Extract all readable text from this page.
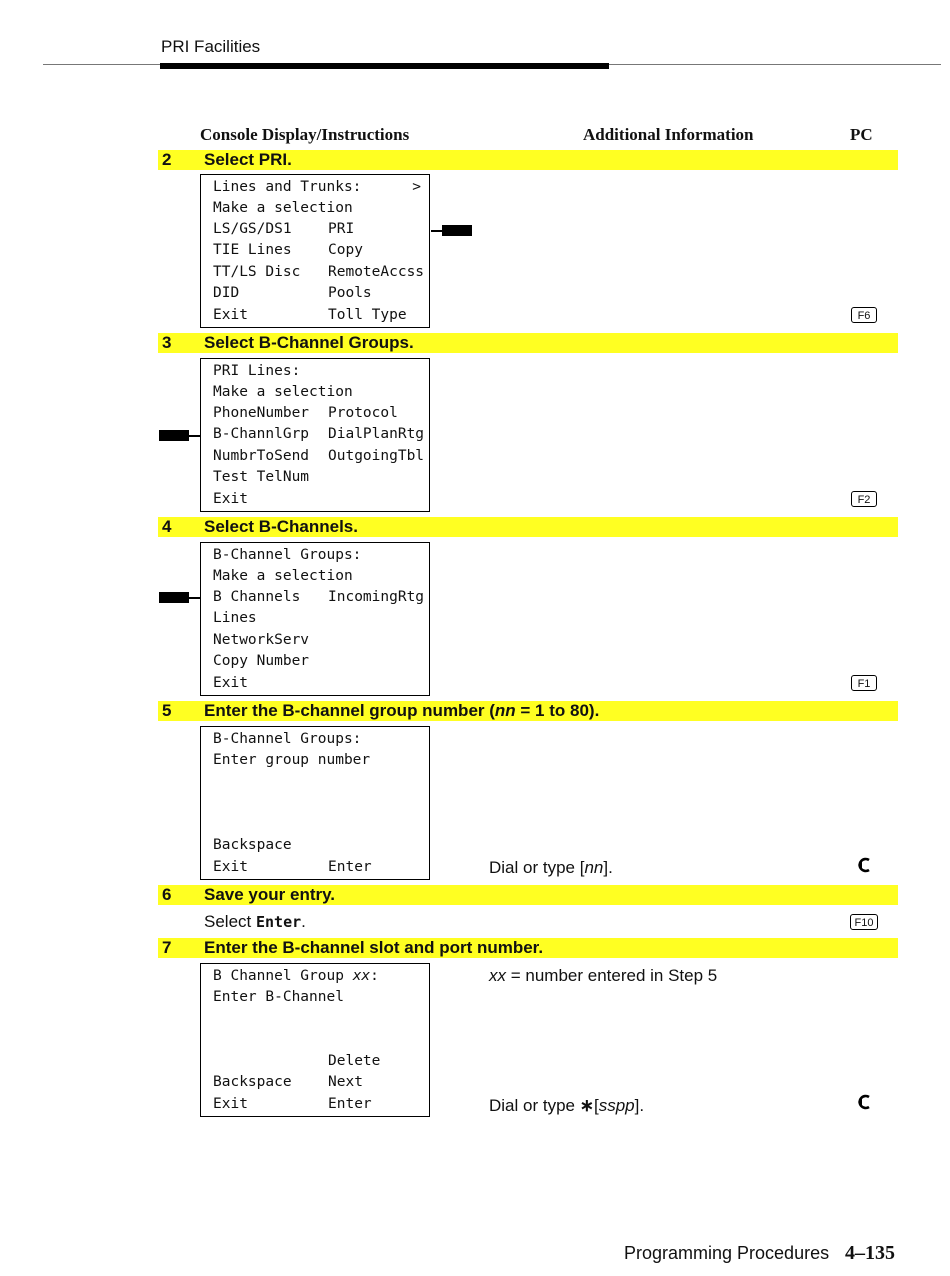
PRI Facilities
Console Display/Instructions	Additional Information	PC
2 Select PRI.
Lines and Trunks:	>
Make a selection
LS/GS/DS1	PRI
TIE Lines	Copy
TT/LS Disc RemoteAccss
DID	Pools
Exit	Toll Type	F6
3 Select B-Channel Groups.
PRI Lines:
Make a selection
PhoneNumber Protocol
B-ChannlGrp DialPlanRtg
NumbrToSend OutgoingTbl
Test TelNum
Exit	F2
4 Select B-Channels.
B-Channel Groups:
Make a selection
B Channels IncomingRtg
Lines
NetworkServ
Copy Number
Exit	F1
5 Enter the B-channel group number (nn = 1 to 80).
B-Channel Groups:
Enter group number
Backspace
Exit	Enter	Dial or type [nn].
6 Save your entry.
Select Enter.	F10
7 Enter the B-channel slot and port number.
B Channel Group xx:
Enter B-Channel
Delete
Backspace	Next
Exit	Enter
xx = number entered in Step 5
Dial or type ∗[sspp].
Programming Procedures 4–135
